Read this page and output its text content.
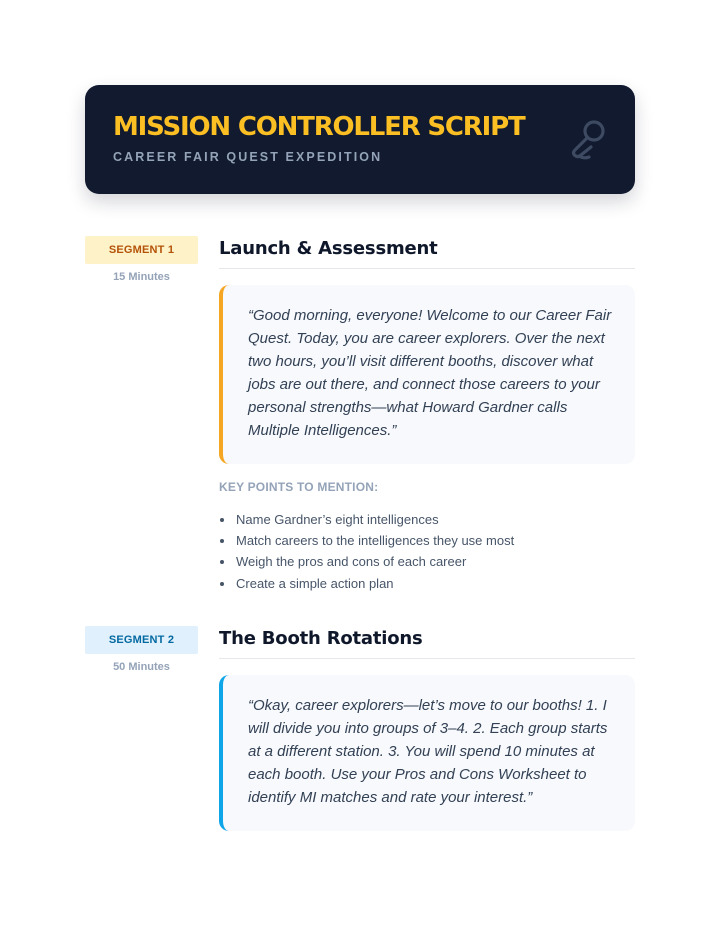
MISSION CONTROLLER SCRIPT
CAREER FAIR QUEST EXPEDITION
SEGMENT 1
15 Minutes
Launch & Assessment
“Good morning, everyone! Welcome to our Career Fair Quest. Today, you are career explorers. Over the next two hours, you’ll visit different booths, discover what jobs are out there, and connect those careers to your personal strengths—what Howard Gardner calls Multiple Intelligences.”
KEY POINTS TO MENTION:
Name Gardner’s eight intelligences
Match careers to the intelligences they use most
Weigh the pros and cons of each career
Create a simple action plan
SEGMENT 2
50 Minutes
The Booth Rotations
“Okay, career explorers—let’s move to our booths! 1. I will divide you into groups of 3–4. 2. Each group starts at a different station. 3. You will spend 10 minutes at each booth. Use your Pros and Cons Worksheet to identify MI matches and rate your interest.”
